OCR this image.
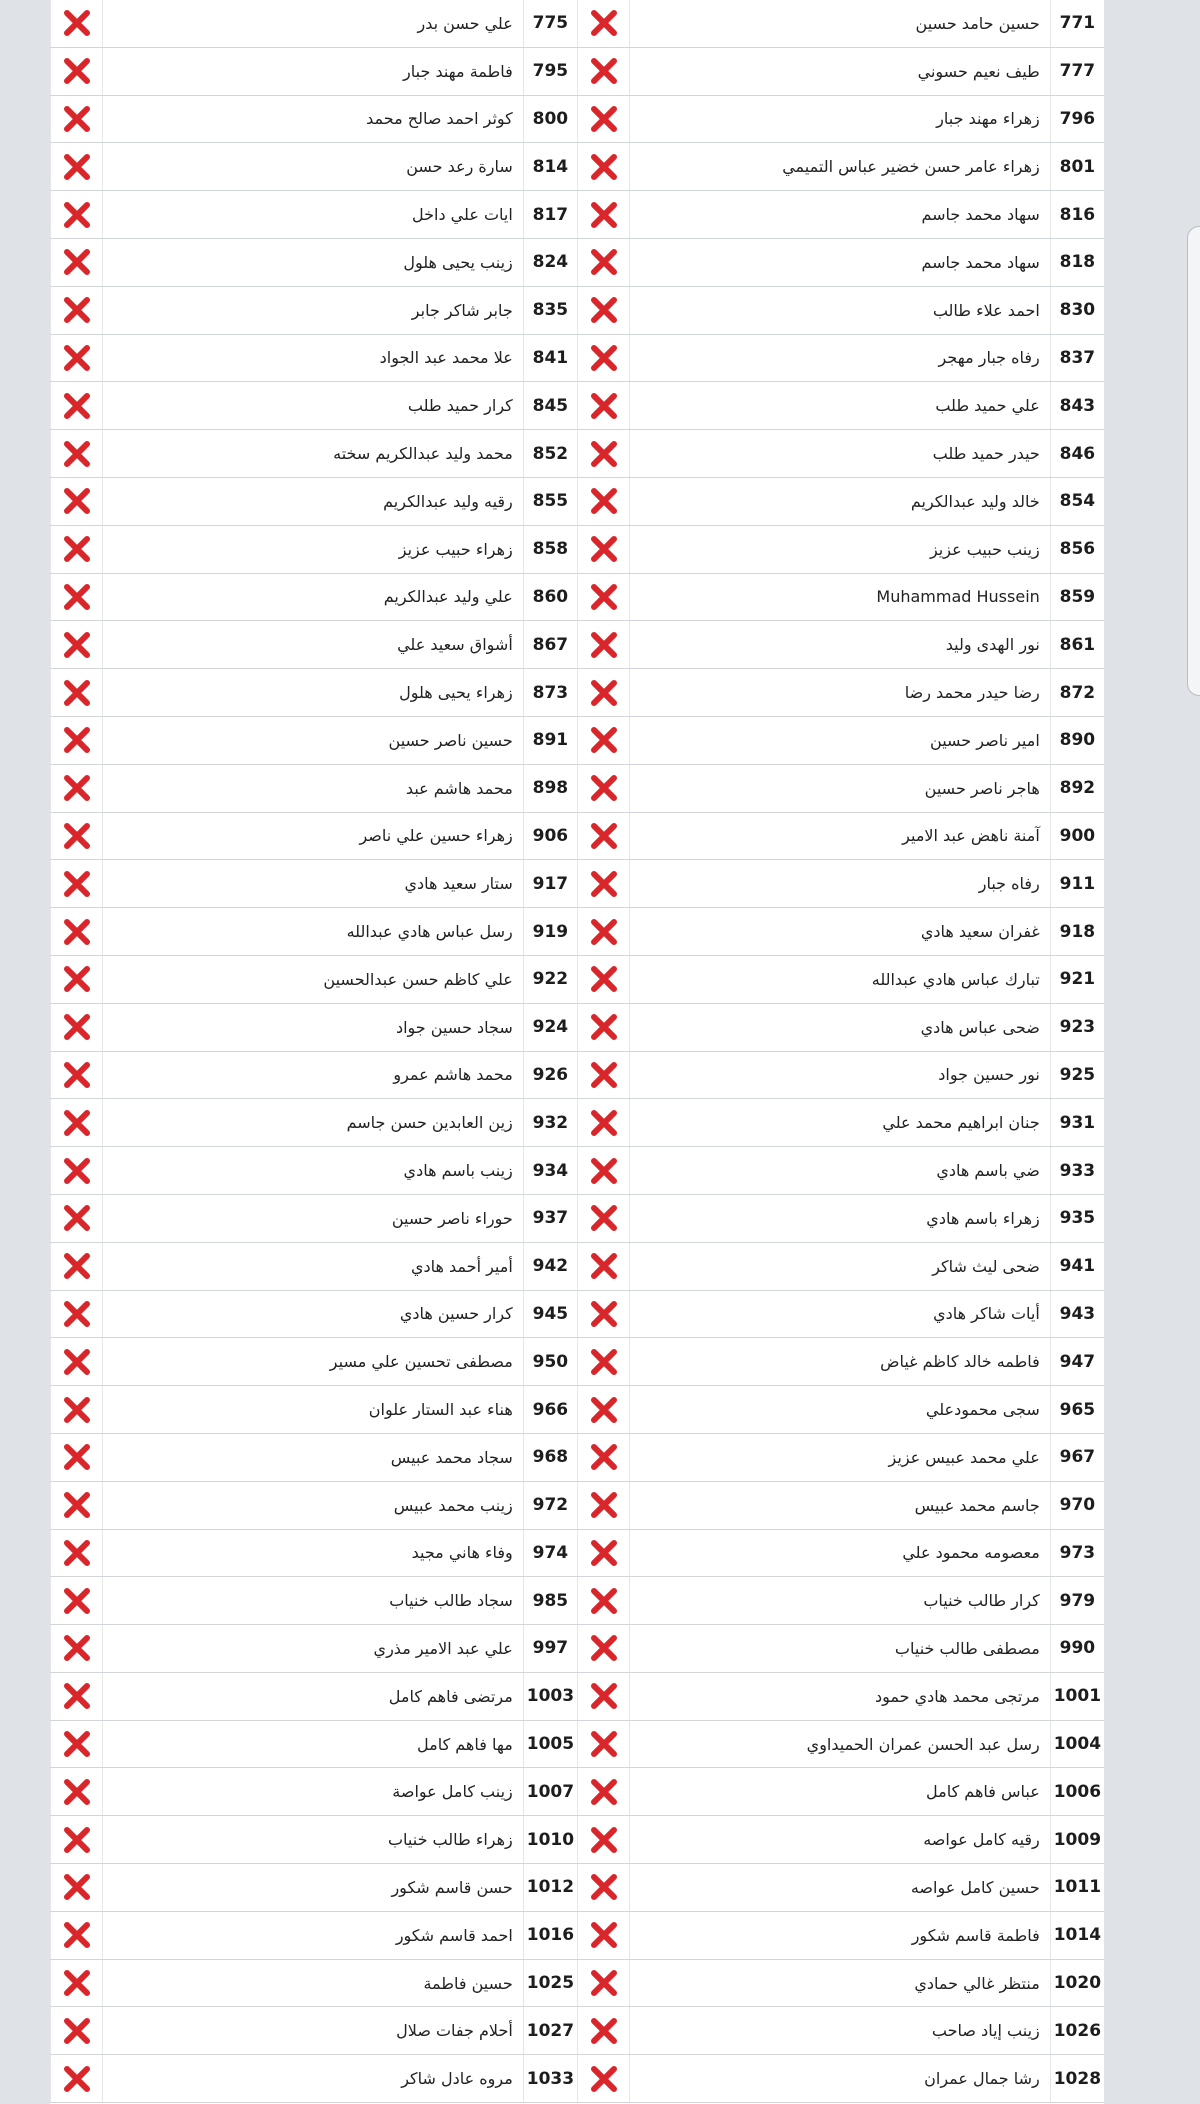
771	حسين حامد حسين		775	علي حسن بدر	
777	طيف نعيم حسوني		795	فاطمة مهند جبار	
796	زهراء مهند جبار		800	كوثر احمد صالح محمد	
801	زهراء عامر حسن خضير عباس التميمي		814	سارة رعد حسن	
816	سهاد محمد جاسم		817	ايات علي داخل	
818	سهاد محمد جاسم		824	زينب يحيى هلول	
830	احمد علاء طالب		835	جابر شاكر جابر	
837	رفاه جبار مهجر		841	علا محمد عبد الجواد	
843	علي حميد طلب		845	كرار حميد طلب	
846	حيدر حميد طلب		852	محمد وليد عبدالكريم سخته	
854	خالد وليد عبدالكريم		855	رقيه وليد عبدالكريم	
856	زينب حبيب عزيز		858	زهراء حبيب عزيز	
859	Muhammad Hussein		860	علي وليد عبدالكريم	
861	نور الهدى وليد		867	أشواق سعيد علي	
872	رضا حيدر محمد رضا		873	زهراء يحيى هلول	
890	امير ناصر حسين		891	حسين ناصر حسين	
892	هاجر ناصر حسين		898	محمد هاشم عبد	
900	آمنة ناهض عبد الامير		906	زهراء حسين علي ناصر	
911	رفاه جبار		917	ستار سعيد هادي	
918	غفران سعيد هادي		919	رسل عباس هادي عبدالله	
921	تبارك عباس هادي عبدالله		922	علي كاظم حسن عبدالحسين	
923	ضحى عباس هادي		924	سجاد حسين جواد	
925	نور حسين جواد		926	محمد هاشم عمرو	
931	جنان ابراهيم محمد علي		932	زين العابدين حسن جاسم	
933	ضي باسم هادي		934	زينب باسم هادي	
935	زهراء باسم هادي		937	حوراء ناصر حسين	
941	ضحى ليث شاكر		942	أمير أحمد هادي	
943	أيات شاكر هادي		945	كرار حسين هادي	
947	فاطمه خالد كاظم غياض		950	مصطفى تحسين علي مسير	
965	سجى محمودعلي		966	هناء عبد الستار علوان	
967	علي محمد عبيس عزيز		968	سجاد محمد عبيس	
970	جاسم محمد عبيس		972	زينب محمد عبيس	
973	معصومه محمود علي		974	وفاء هاني مجيد	
979	كرار طالب خنياب		985	سجاد طالب خنياب	
990	مصطفى طالب خنياب		997	علي عبد الامير مذري	
1001	مرتجى محمد هادي حمود		1003	مرتضى فاهم كامل	
1004	رسل عبد الحسن عمران الحميداوي		1005	مها فاهم كامل	
1006	عباس فاهم كامل		1007	زينب كامل عواصة	
1009	رقيه كامل عواصه		1010	زهراء طالب خنياب	
1011	حسين كامل عواصه		1012	حسن قاسم شكور	
1014	فاطمة قاسم شكور		1016	احمد قاسم شكور	
1020	منتظر غالي حمادي		1025	حسين فاطمة	
1026	زينب إياد صاحب		1027	أحلام جفات صلال	
1028	رشا جمال عمران		1033	مروه عادل شاكر	
